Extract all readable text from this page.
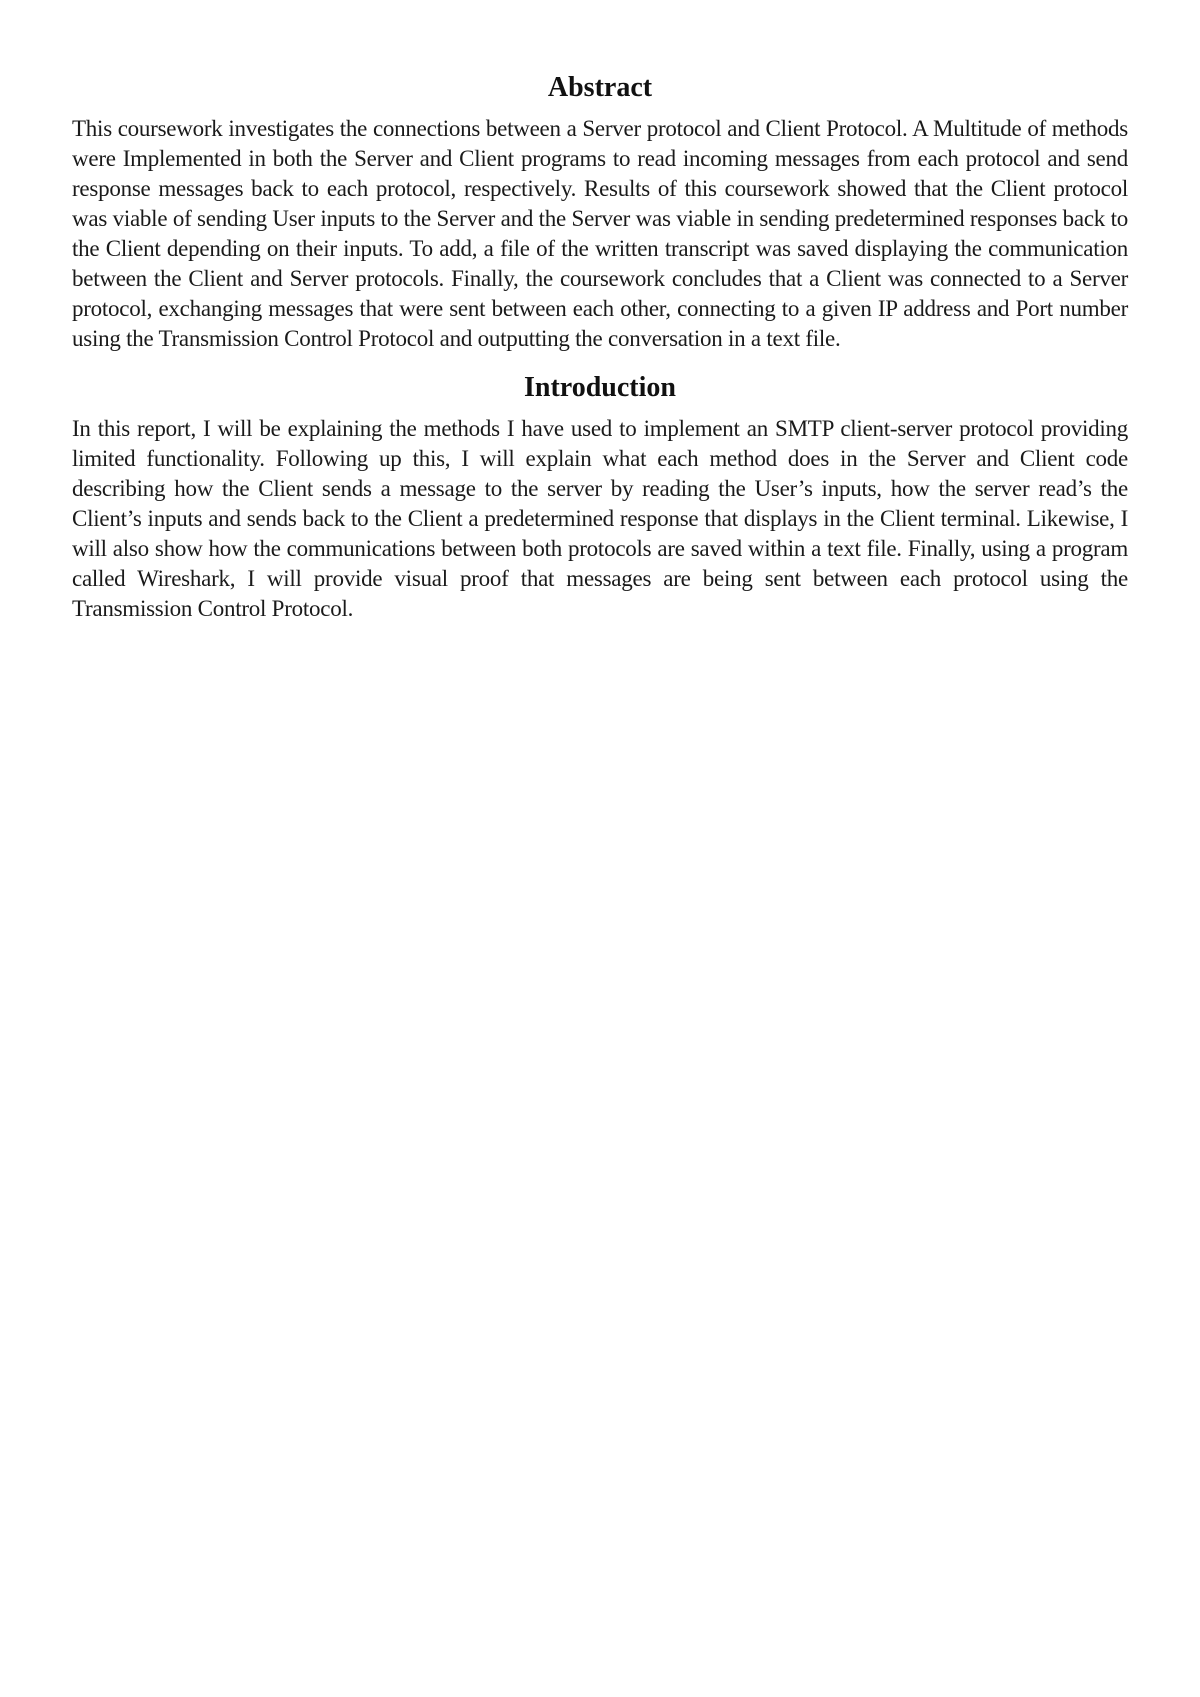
Abstract

This coursework investigates the connections between a Server protocol and Client Protocol. A Multitude of methods were Implemented in both the Server and Client programs to read incoming messages from each protocol and send response messages back to each protocol, respectively. Results of this coursework showed that the Client protocol was viable of sending User inputs to the Server and the Server was viable in sending predetermined responses back to the Client depending on their inputs. To add, a file of the written transcript was saved displaying the communication between the Client and Server protocols. Finally, the coursework concludes that a Client was connected to a Server protocol, exchanging messages that were sent between each other, connecting to a given IP address and Port number using the Transmission Control Protocol and outputting the conversation in a text file.

Introduction

In this report, I will be explaining the methods I have used to implement an SMTP client-server protocol providing limited functionality. Following up this, I will explain what each method does in the Server and Client code describing how the Client sends a message to the server by reading the User’s inputs, how the server read’s the Client’s inputs and sends back to the Client a predetermined response that displays in the Client terminal. Likewise, I will also show how the communications between both protocols are saved within a text file. Finally, using a program called Wireshark, I will provide visual proof that messages are being sent between each protocol using the Transmission Control Protocol.
